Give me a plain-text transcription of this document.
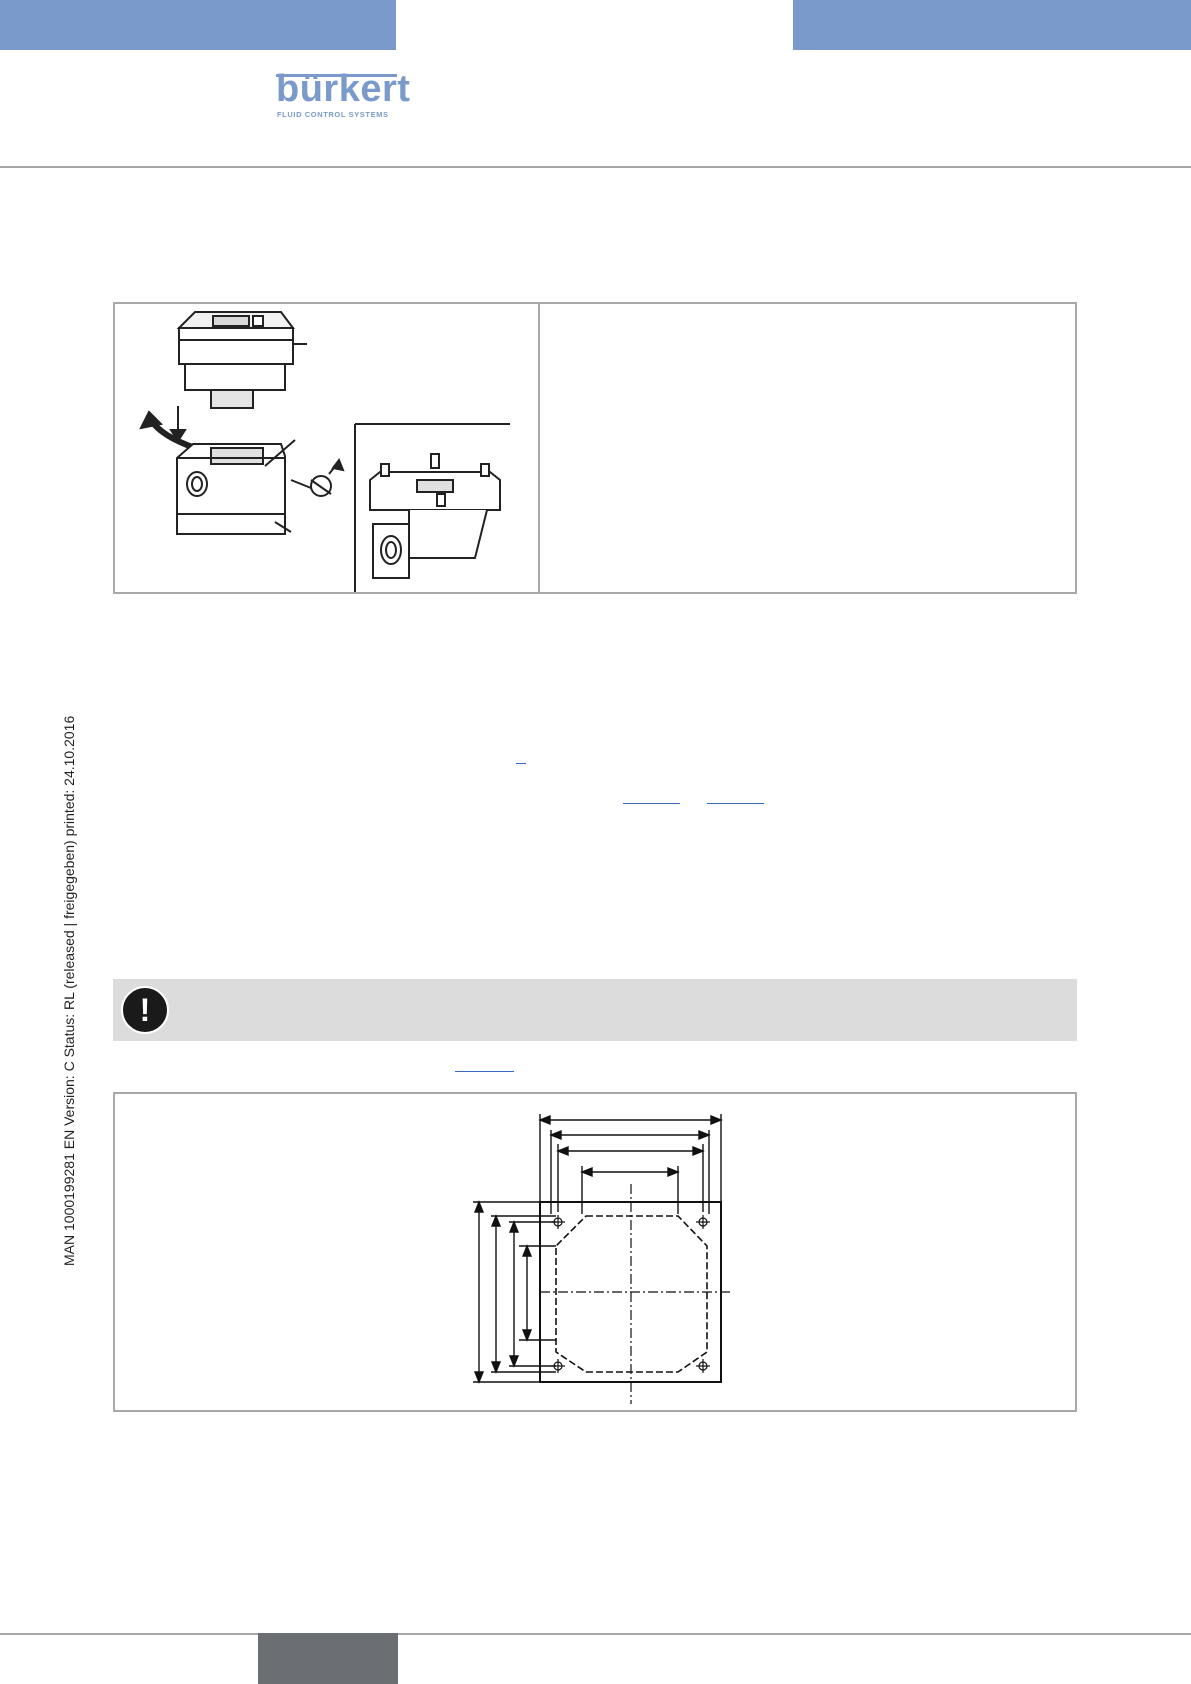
bürkert
FLUID CONTROL SYSTEMS
MAN 1000199281 EN Version: C Status: RL (released | freigegeben) printed: 24.10.2016	!
